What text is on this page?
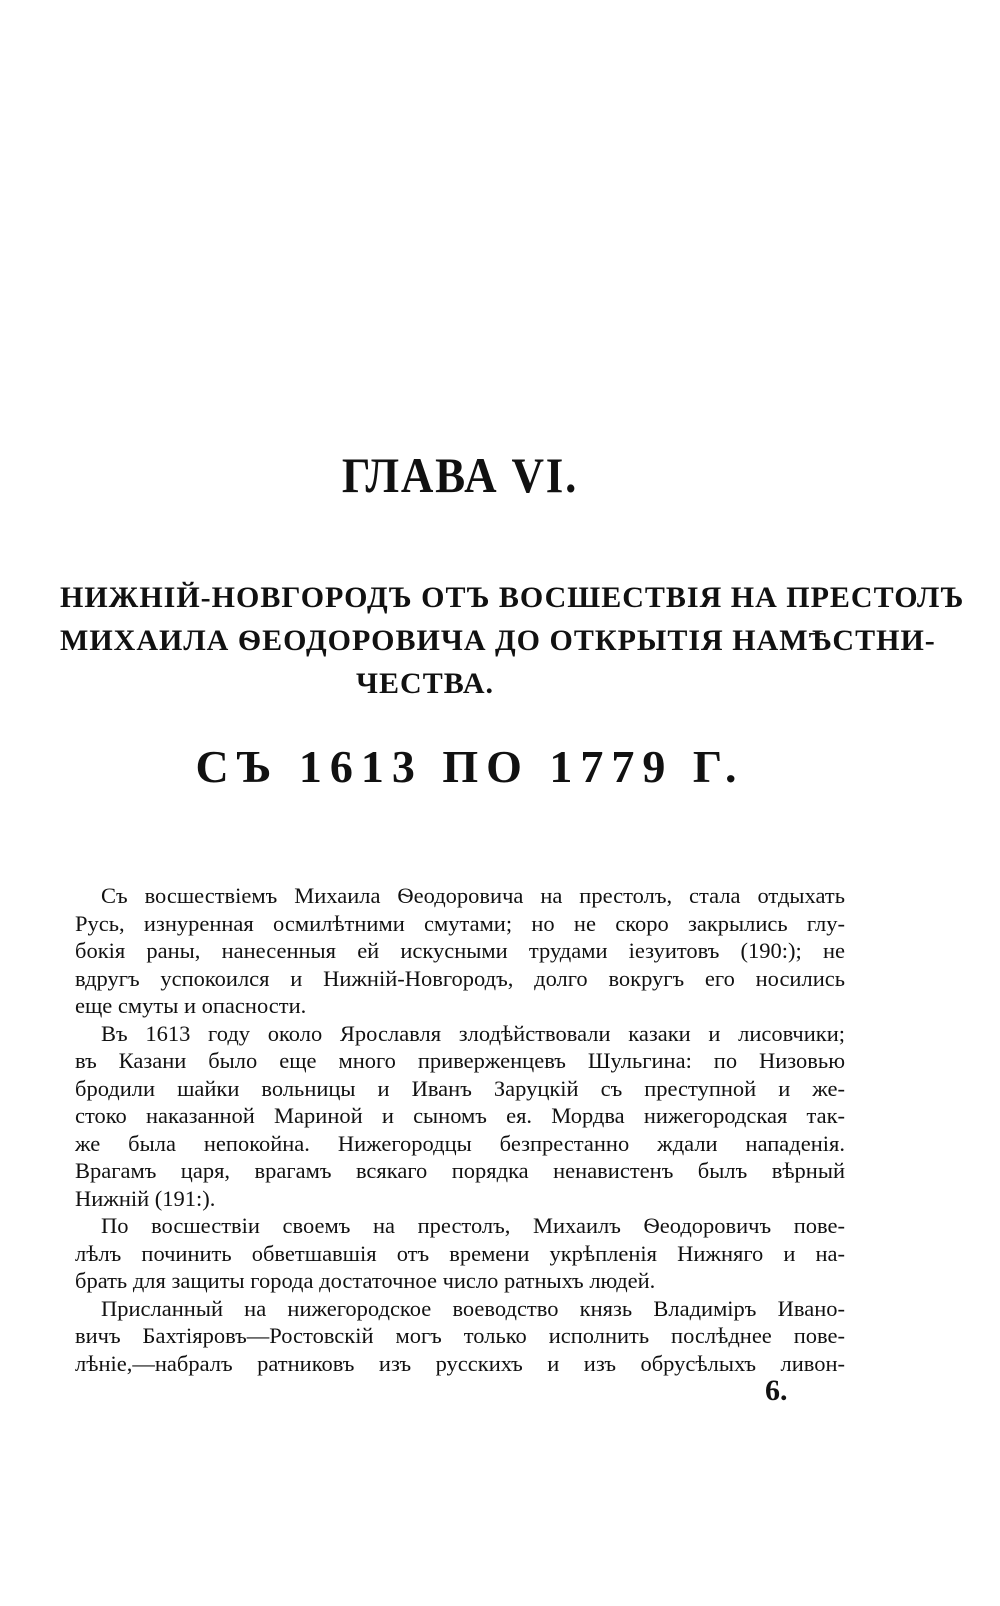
ГЛАВА VI.
НИЖНІЙ-НОВГОРОДЪ ОТЪ ВОСШЕСТВІЯ НА ПРЕСТОЛЪ
МИХАИЛА ѲЕОДОРОВИЧА ДО ОТКРЫТІЯ НАМѢСТНИ-
ЧЕСТВА.
СЪ 1613 ПО 1779 Г.
Съ восшествіемъ Михаила Ѳеодоровича на престолъ, стала отдыхать
Русь, изнуренная осмилѣтними смутами; но не скоро закрылись глу-
бокія раны, нанесенныя ей искусными трудами іезуитовъ (190:); не
вдругъ успокоился и Нижній-Новгородъ, долго вокругъ его носились
еще смуты и опасности.
Въ 1613 году около Ярославля злодѣйствовали казаки и лисовчики;
въ Казани было еще много приверженцевъ Шульгина: по Низовью
бродили шайки вольницы и Иванъ Заруцкій съ преступной и же-
стоко наказанной Мариной и сыномъ ея. Мордва нижегородская так-
же была непокойна. Нижегородцы безпрестанно ждали нападенія.
Врагамъ царя, врагамъ всякаго порядка ненавистенъ былъ вѣрный
Нижній (191:).
По восшествіи своемъ на престолъ, Михаилъ Ѳеодоровичъ пове-
лѣлъ починить обветшавшія отъ времени укрѣпленія Нижняго и на-
брать для защиты города достаточное число ратныхъ людей.
Присланный на нижегородское воеводство князь Владиміръ Ивано-
вичъ Бахтіяровъ—Ростовскій могъ только исполнить послѣднее пове-
лѣніе,—набралъ ратниковъ изъ русскихъ и изъ обрусѣлыхъ ливон-
6.
